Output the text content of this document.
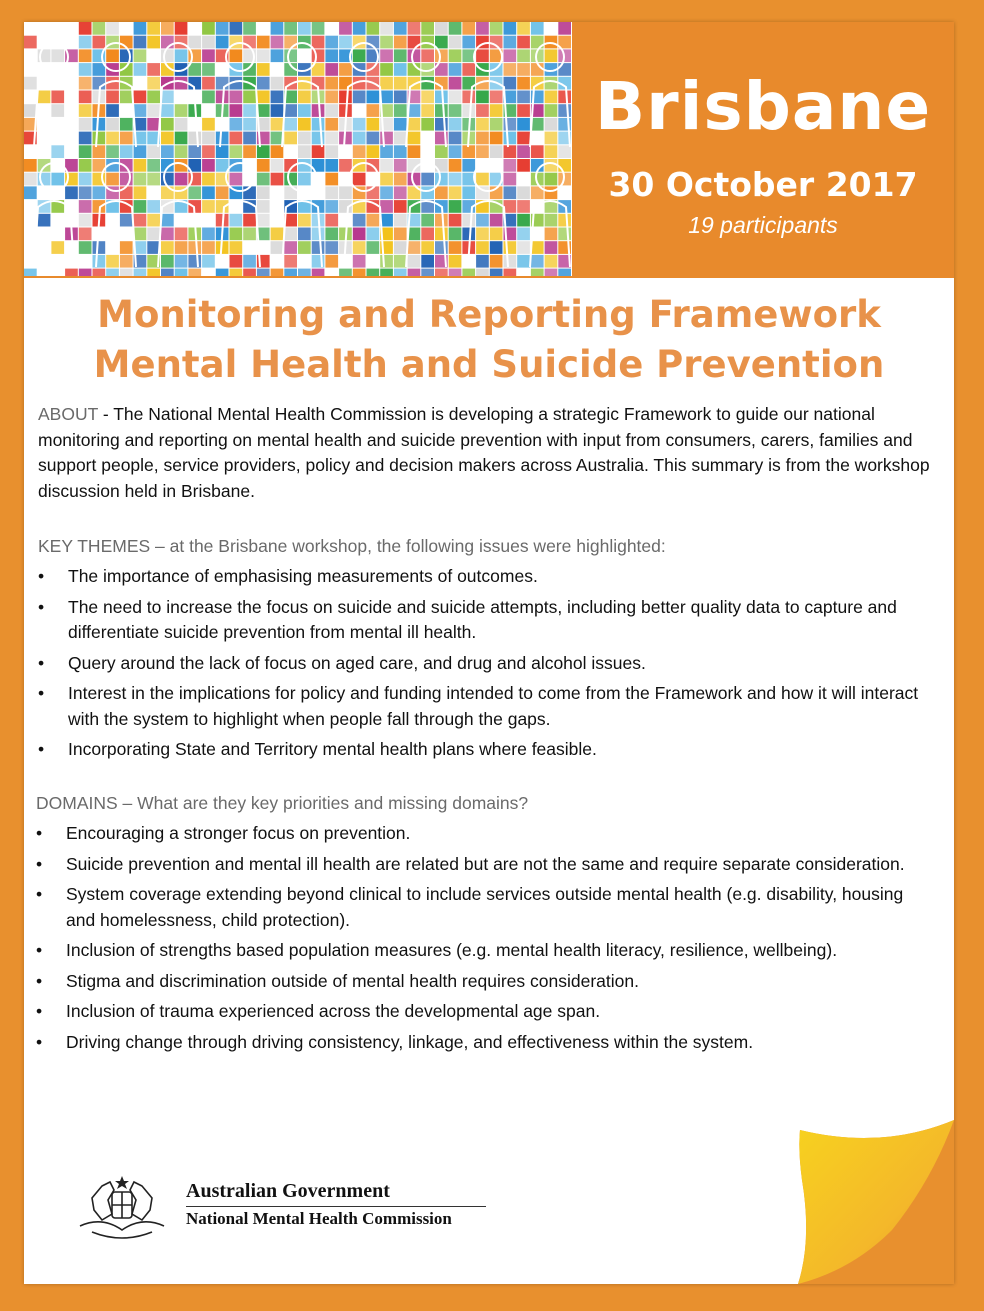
Brisbane
30 October 2017
19 participants
Monitoring and Reporting Framework
Mental Health and Suicide Prevention
ABOUT - The National Mental Health Commission is developing a strategic Framework to guide our national monitoring and reporting on mental health and suicide prevention with input from consumers, carers, families and support people, service providers, policy and decision makers across Australia. This summary is from the workshop discussion held in Brisbane.
KEY THEMES – at the Brisbane workshop, the following issues were highlighted:
• The importance of emphasising measurements of outcomes.
• The need to increase the focus on suicide and suicide attempts, including better quality data to capture and differentiate suicide prevention from mental ill health.
• Query around the lack of focus on aged care, and drug and alcohol issues.
• Interest in the implications for policy and funding intended to come from the Framework and how it will interact with the system to highlight when people fall through the gaps.
• Incorporating State and Territory mental health plans where feasible.
DOMAINS – What are they key priorities and missing domains?
• Encouraging a stronger focus on prevention.
• Suicide prevention and mental ill health are related but are not the same and require separate consideration.
• System coverage extending beyond clinical to include services outside mental health (e.g. disability, housing and homelessness, child protection).
• Inclusion of strengths based population measures (e.g. mental health literacy, resilience, wellbeing).
• Stigma and discrimination outside of mental health requires consideration.
• Inclusion of trauma experienced across the developmental age span.
• Driving change through driving consistency, linkage, and effectiveness within the system.
Australian Government
National Mental Health Commission
